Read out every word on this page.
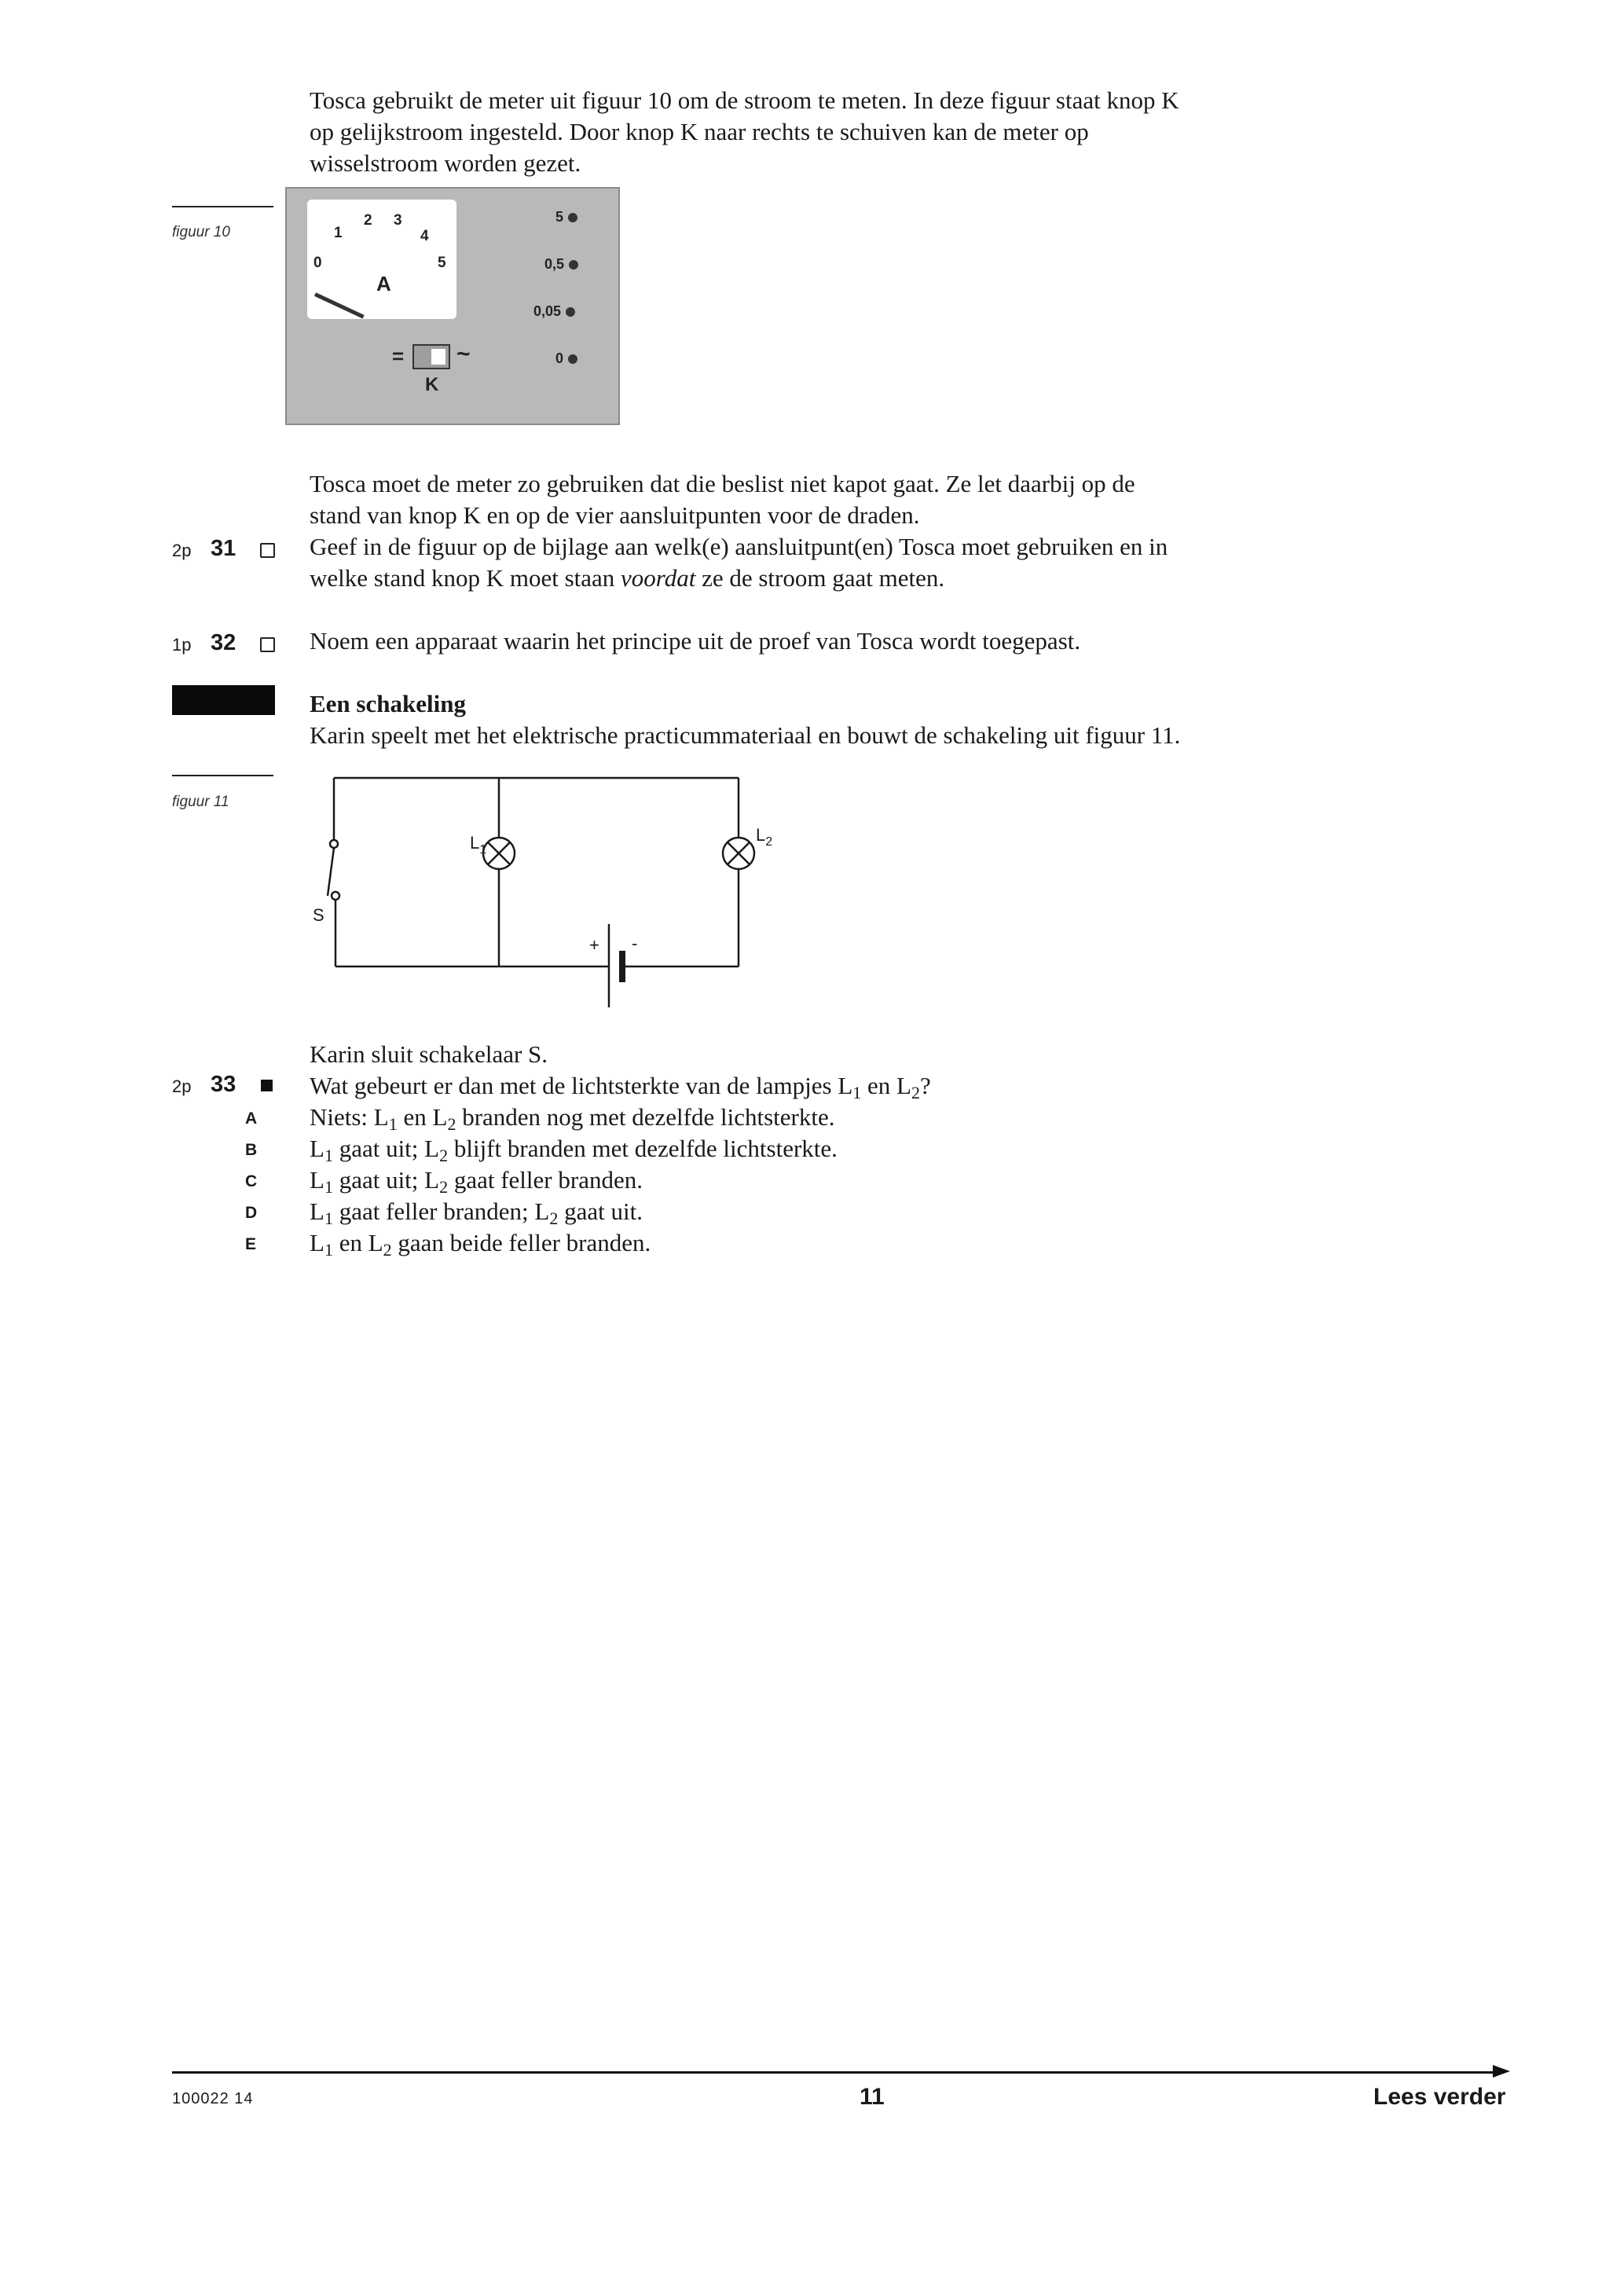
Tosca gebruikt de meter uit figuur 10 om de stroom te meten. In deze figuur staat knop K
op gelijkstroom ingesteld. Door knop K naar rechts te schuiven kan de meter op
wisselstroom worden gezet.
figuur 10
0
1
2 3
4
5
A
5
0,5
0,05
0
= ~
K
Tosca moet de meter zo gebruiken dat die beslist niet kapot gaat. Ze let daarbij op de
stand van knop K en op de vier aansluitpunten voor de draden.
2p 31	Geef in de figuur op de bijlage aan welk(e) aansluitpunt(en) Tosca moet gebruiken en in
welke stand knop K moet staan voordat ze de stroom gaat meten.
1p 32	Noem een apparaat waarin het principe uit de proef van Tosca wordt toegepast.
Een schakeling
Karin speelt met het elektrische practicummateriaal en bouwt de schakeling uit figuur 11.
figuur 11
$L_1$
$L_2$
S
+ -
Karin sluit schakelaar S.
2p 33	Wat gebeurt er dan met de lichtsterkte van de lampjes $L_1$ en $L_2$?
A Niets: $L_1$ en $L_2$ branden nog met dezelfde lichtsterkte.
B $L_1$ gaat uit; $L_2$ blijft branden met dezelfde lichtsterkte.
C $L_1$ gaat uit; $L_2$ gaat feller branden.
D $L_1$ gaat feller branden; $L_2$ gaat uit.
E $L_1$ en $L_2$ gaan beide feller branden.
100022 14	11	Lees verder
